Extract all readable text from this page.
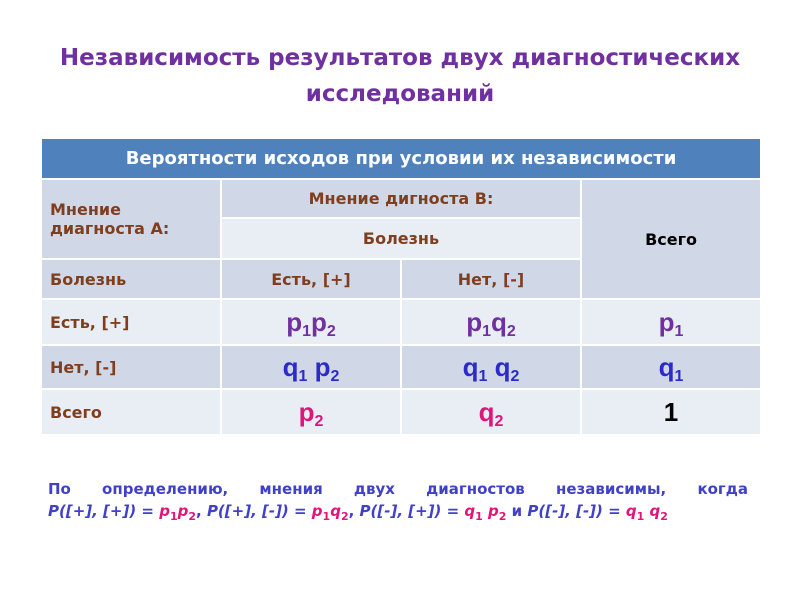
Независимость результатов двух диагностических исследований
Вероятности исходов при условии их независимости			
Мнение диагноста А:	Мнение дигноста В:		Всего
	Болезнь		
Болезнь	Есть, [+]	Нет, [-]	
Есть, [+]	p1p2	p1q2	p1
Нет, [-]	q1 p2	q1 q2	q1
Всего	p2	q2	1
По определению, мнения двух диагностов независимы, когда
P([+], [+]) = $p_1p_2$, P([+], [-]) = $p_1q_2$, P([-], [+]) = $q_1$ $p_2$ и P([-], [-]) = $q_1$ $q_2$
